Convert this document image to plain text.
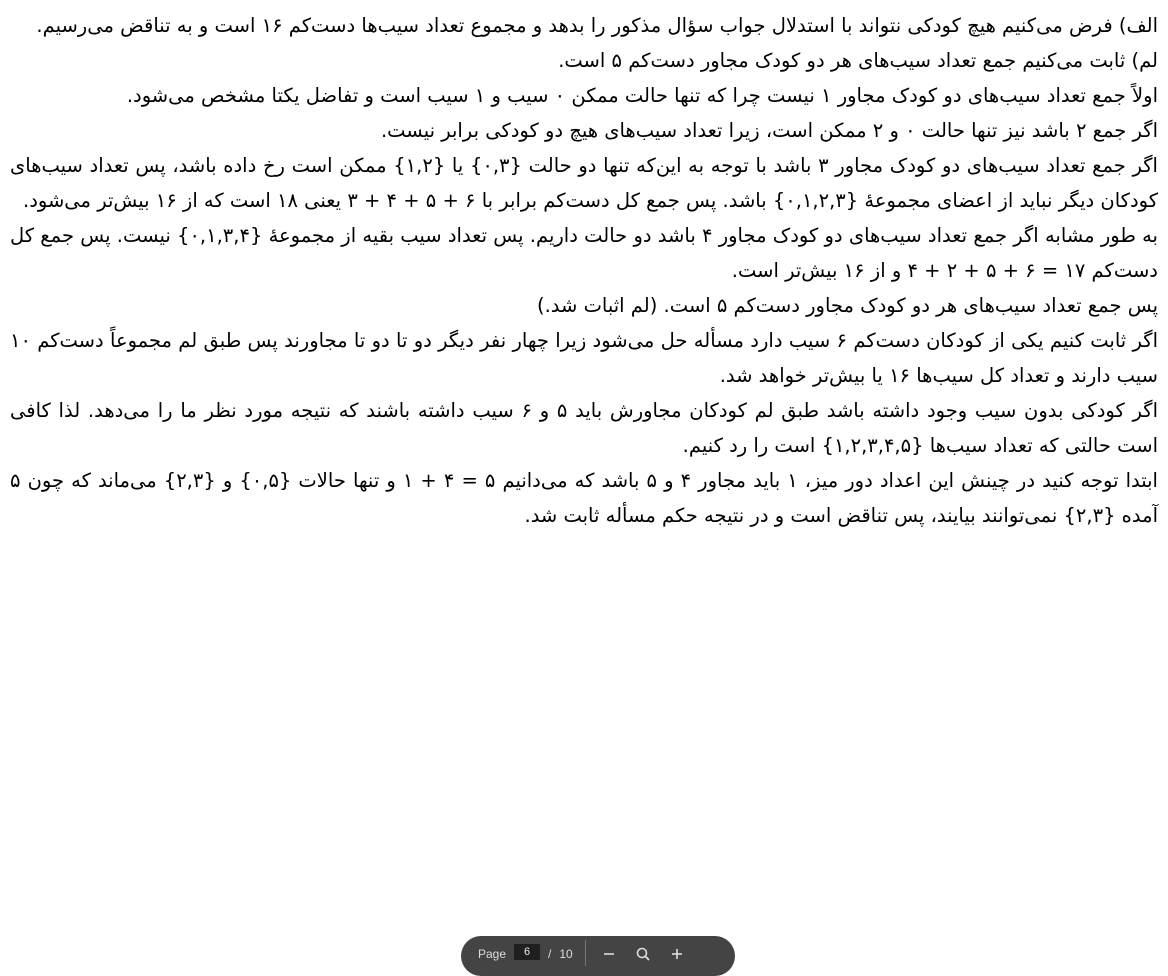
الف) فرض می‌کنیم هیچ کودکی نتواند با استدلال جواب سؤال مذکور را بدهد و مجموع تعداد سیب‌ها دست‌کم ۱۶ است و به تناقض می‌رسیم.

لم) ثابت می‌کنیم جمع تعداد سیب‌های هر دو کودک مجاور دست‌کم ۵ است.

اولاً جمع تعداد سیب‌های دو کودک مجاور ۱ نیست چرا که تنها حالت ممکن ۰ سیب و ۱ سیب است و تفاضل یکتا مشخص می‌شود.

اگر جمع ۲ باشد نیز تنها حالت ۰ و ۲ ممکن است، زیرا تعداد سیب‌های هیچ دو کودکی برابر نیست.

اگر جمع تعداد سیب‌های دو کودک مجاور ۳ باشد با توجه به این‌که تنها دو حالت {۰,۳} یا {۱,۲} ممکن است رخ داده باشد، پس تعداد سیب‌های کودکان دیگر نباید از اعضای مجموعهٔ {۰,۱,۲,۳} باشد. پس جمع کل دست‌کم برابر با ۶ + ۵ + ۴ + ۳ یعنی ۱۸ است که از ۱۶ بیش‌تر می‌شود.

به طور مشابه اگر جمع تعداد سیب‌های دو کودک مجاور ۴ باشد دو حالت داریم. پس تعداد سیب بقیه از مجموعهٔ {۰,۱,۳,۴} نیست. پس جمع کل دست‌کم ۱۷ = ۶ + ۵ + ۲ + ۴ و از ۱۶ بیش‌تر است.

پس جمع تعداد سیب‌های هر دو کودک مجاور دست‌کم ۵ است. (لم اثبات شد.)

اگر ثابت کنیم یکی از کودکان دست‌کم ۶ سیب دارد مسأله حل می‌شود زیرا چهار نفر دیگر دو تا دو تا مجاورند پس طبق لم مجموعاً دست‌کم ۱۰ سیب دارند و تعداد کل سیب‌ها ۱۶ یا بیش‌تر خواهد شد.

اگر کودکی بدون سیب وجود داشته باشد طبق لم کودکان مجاورش باید ۵ و ۶ سیب داشته باشند که نتیجه مورد نظر ما را می‌دهد. لذا کافی است حالتی که تعداد سیب‌ها {۱,۲,۳,۴,۵} است را رد کنیم.

ابتدا توجه کنید در چینش این اعداد دور میز، ۱ باید مجاور ۴ و ۵ باشد که می‌دانیم ۵ = ۴ + ۱ و تنها حالات {۰,۵} و {۲,۳} می‌ماند که چون ۵ آمده {۲,۳} نمی‌توانند بیایند، پس تناقض است و در نتیجه حکم مسأله ثابت شد.

Page
6	/ 10
